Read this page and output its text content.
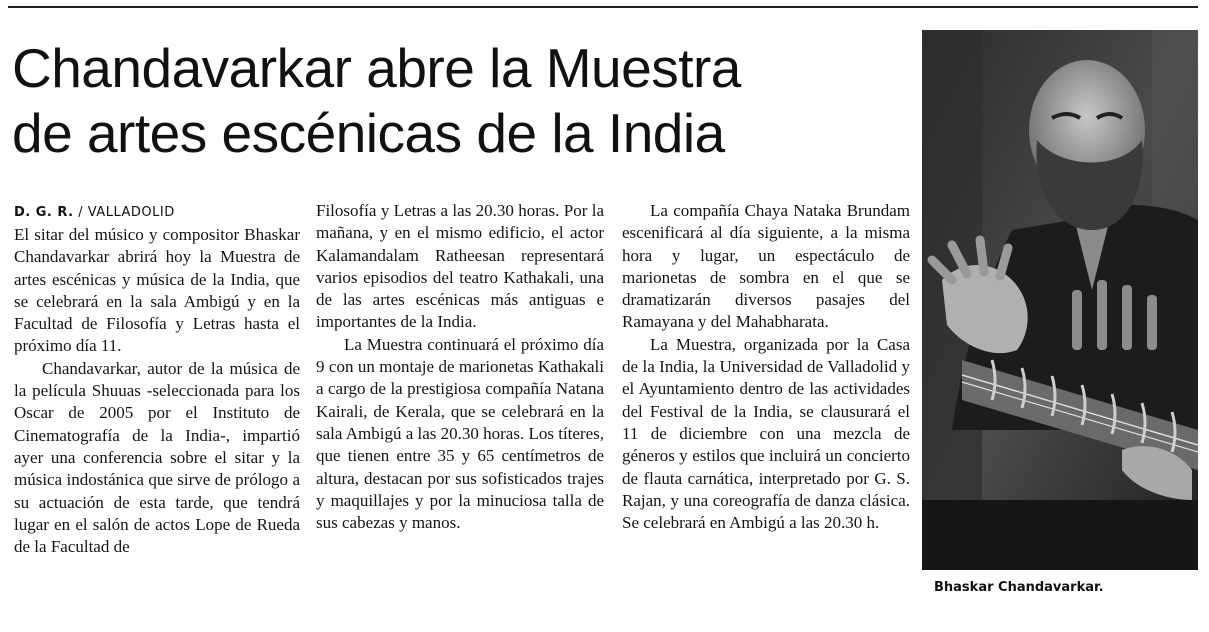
Chandavarkar abre la Muestra
de artes escénicas de la India
D. G. R. / VALLADOLID

El sitar del músico y compositor Bhaskar Chandavarkar abrirá hoy la Muestra de artes escénicas y música de la India, que se celebrará en la sala Ambigú y en la Facultad de Filosofía y Letras hasta el próximo día 11.

Chandavarkar, autor de la música de la película Shuuas -seleccionada para los Oscar de 2005 por el Instituto de Cinematografía de la India-, impartió ayer una conferencia sobre el sitar y la música indostánica que sirve de prólogo a su actuación de esta tarde, que tendrá lugar en el salón de actos Lope de Rueda de la Facultad de

Filosofía y Letras a las 20.30 horas. Por la mañana, y en el mismo edificio, el actor Kalamandalam Ratheesan representará varios episodios del teatro Kathakali, una de las artes escénicas más antiguas e importantes de la India.

La Muestra continuará el próximo día 9 con un montaje de marionetas Kathakali a cargo de la prestigiosa compañía Natana Kairali, de Kerala, que se celebrará en la sala Ambigú a las 20.30 horas. Los títeres, que tienen entre 35 y 65 centímetros de altura, destacan por sus sofisticados trajes y maquillajes y por la minuciosa talla de sus cabezas y manos.

La compañía Chaya Nataka Brundam escenificará al día siguiente, a la misma hora y lugar, un espectáculo de marionetas de sombra en el que se dramatizarán diversos pasajes del Ramayana y del Mahabharata.

La Muestra, organizada por la Casa de la India, la Universidad de Valladolid y el Ayuntamiento dentro de las actividades del Festival de la India, se clausurará el 11 de diciembre con una mezcla de géneros y estilos que incluirá un concierto de flauta carnática, interpretado por G. S. Rajan, y una coreografía de danza clásica. Se celebrará en Ambigú a las 20.30 h.

Bhaskar Chandavarkar.
